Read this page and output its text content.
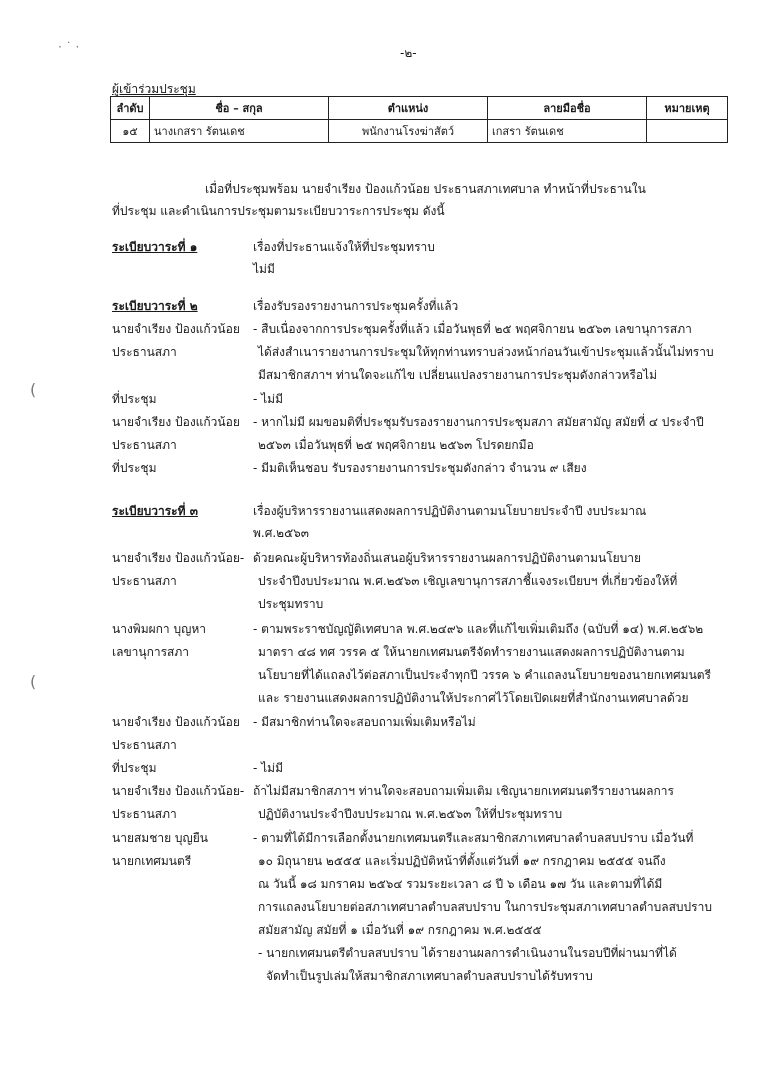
· ˙ ·
(
(
-๒-
ผู้เข้าร่วมประชุม
ลำดับ	ชื่อ – สกุล	ตำแหน่ง	ลายมือชื่อ	หมายเหตุ
๑๕	นางเกสรา รัตนเดช	พนักงานโรงฆ่าสัตว์	เกสรา รัตนเดช	
เมื่อที่ประชุมพร้อม นายจำเรียง ป้องแก้วน้อย ประธานสภาเทศบาล ทำหน้าที่ประธานใน
ที่ประชุม และดำเนินการประชุมตามระเบียบวาระการประชุม ดังนี้
ระเบียบวาระที่ ๑	เรื่องที่ประธานแจ้งให้ที่ประชุมทราบ
ไม่มี
ระเบียบวาระที่ ๒	เรื่องรับรองรายงานการประชุมครั้งที่แล้ว
นายจำเรียง ป้องแก้วน้อย
ประธานสภา
- สืบเนื่องจากการประชุมครั้งที่แล้ว เมื่อวันพุธที่ ๒๕ พฤศจิกายน ๒๕๖๓ เลขานุการสภา
ได้ส่งสำเนารายงานการประชุมให้ทุกท่านทราบล่วงหน้าก่อนวันเข้าประชุมแล้วนั้นไม่ทราบ
มีสมาชิกสภาฯ ท่านใดจะแก้ไข เปลี่ยนแปลงรายงานการประชุมดังกล่าวหรือไม่
ที่ประชุม	- ไม่มี
นายจำเรียง ป้องแก้วน้อย
ประธานสภา
- หากไม่มี ผมขอมติที่ประชุมรับรองรายงานการประชุมสภา สมัยสามัญ สมัยที่ ๔ ประจำปี
๒๕๖๓ เมื่อวันพุธที่ ๒๕ พฤศจิกายน ๒๕๖๓ โปรดยกมือ
ที่ประชุม	- มีมติเห็นชอบ รับรองรายงานการประชุมดังกล่าว จำนวน ๙ เสียง
ระเบียบวาระที่ ๓	เรื่องผู้บริหารรายงานแสดงผลการปฏิบัติงานตามนโยบายประจำปี งบประมาณ
พ.ศ.๒๕๖๓
นายจำเรียง ป้องแก้วน้อย-
ประธานสภา
ด้วยคณะผู้บริหารท้องถิ่นเสนอผู้บริหารรายงานผลการปฏิบัติงานตามนโยบาย
ประจำปีงบประมาณ พ.ศ.๒๕๖๓ เชิญเลขานุการสภาชี้แจงระเบียบฯ ที่เกี่ยวข้องให้ที่
ประชุมทราบ
นางพิมผกา บุญหา
เลขานุการสภา
- ตามพระราชบัญญัติเทศบาล พ.ศ.๒๔๙๖ และที่แก้ไขเพิ่มเติมถึง (ฉบับที่ ๑๔) พ.ศ.๒๕๖๒
มาตรา ๔๘ ทศ วรรค ๕ ให้นายกเทศมนตรีจัดทำรายงานแสดงผลการปฏิบัติงานตาม
นโยบายที่ได้แถลงไว้ต่อสภาเป็นประจำทุกปี วรรค ๖ คำแถลงนโยบายของนายกเทศมนตรี
และ รายงานแสดงผลการปฏิบัติงานให้ประกาศไว้โดยเปิดเผยที่สำนักงานเทศบาลด้วย
นายจำเรียง ป้องแก้วน้อย
ประธานสภา
- มีสมาชิกท่านใดจะสอบถามเพิ่มเติมหรือไม่
ที่ประชุม	- ไม่มี
นายจำเรียง ป้องแก้วน้อย-
ประธานสภา
ถ้าไม่มีสมาชิกสภาฯ ท่านใดจะสอบถามเพิ่มเติม เชิญนายกเทศมนตรีรายงานผลการ
ปฏิบัติงานประจำปีงบประมาณ พ.ศ.๒๕๖๓ ให้ที่ประชุมทราบ
นายสมชาย บุญยืน
นายกเทศมนตรี
- ตามที่ได้มีการเลือกตั้งนายกเทศมนตรีและสมาชิกสภาเทศบาลตำบลสบปราบ เมื่อวันที่
๑๐ มิถุนายน ๒๕๕๕ และเริ่มปฏิบัติหน้าที่ตั้งแต่วันที่ ๑๙ กรกฎาคม ๒๕๕๕ จนถึง
ณ วันนี้ ๑๘ มกราคม ๒๕๖๔ รวมระยะเวลา ๘ ปี ๖ เดือน ๑๗ วัน และตามที่ได้มี
การแถลงนโยบายต่อสภาเทศบาลตำบลสบปราบ ในการประชุมสภาเทศบาลตำบลสบปราบ
สมัยสามัญ สมัยที่ ๑ เมื่อวันที่ ๑๙ กรกฎาคม พ.ศ.๒๕๕๕
- นายกเทศมนตรีตำบลสบปราบ ได้รายงานผลการดำเนินงานในรอบปีที่ผ่านมาที่ได้
จัดทำเป็นรูปเล่มให้สมาชิกสภาเทศบาลตำบลสบปราบได้รับทราบ
